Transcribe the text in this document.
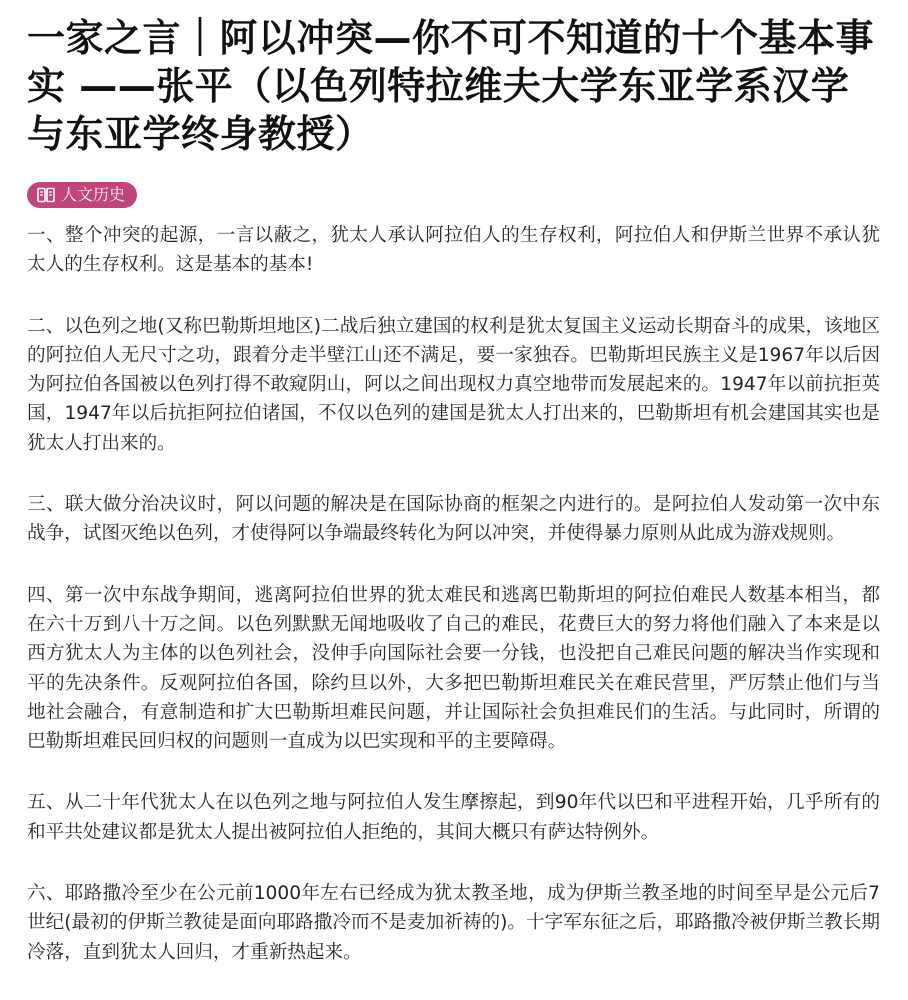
一家之言｜阿以冲突—你不可不知道的十个基本事实 ——张平（以色列特拉维夫大学东亚学系汉学与东亚学终身教授）
人文历史

一、整个冲突的起源，一言以蔽之，犹太人承认阿拉伯人的生存权利，阿拉伯人和伊斯兰世界不承认犹太人的生存权利。这是基本的基本!

二、以色列之地(又称巴勒斯坦地区)二战后独立建国的权利是犹太复国主义运动长期奋斗的成果，该地区的阿拉伯人无尺寸之功，跟着分走半壁江山还不满足，要一家独吞。巴勒斯坦民族主义是1967年以后因为阿拉伯各国被以色列打得不敢窥阴山，阿以之间出现权力真空地带而发展起来的。1947年以前抗拒英国，1947年以后抗拒阿拉伯诸国，不仅以色列的建国是犹太人打出来的，巴勒斯坦有机会建国其实也是犹太人打出来的。

三、联大做分治决议时，阿以问题的解决是在国际协商的框架之内进行的。是阿拉伯人发动第一次中东战争，试图灭绝以色列，才使得阿以争端最终转化为阿以冲突，并使得暴力原则从此成为游戏规则。

四、第一次中东战争期间，逃离阿拉伯世界的犹太难民和逃离巴勒斯坦的阿拉伯难民人数基本相当，都在六十万到八十万之间。以色列默默无闻地吸收了自己的难民，花费巨大的努力将他们融入了本来是以西方犹太人为主体的以色列社会，没伸手向国际社会要一分钱，也没把自己难民问题的解决当作实现和平的先决条件。反观阿拉伯各国，除约旦以外，大多把巴勒斯坦难民关在难民营里，严厉禁止他们与当地社会融合，有意制造和扩大巴勒斯坦难民问题，并让国际社会负担难民们的生活。与此同时，所谓的巴勒斯坦难民回归权的问题则一直成为以巴实现和平的主要障碍。

五、从二十年代犹太人在以色列之地与阿拉伯人发生摩擦起，到90年代以巴和平进程开始，几乎所有的和平共处建议都是犹太人提出被阿拉伯人拒绝的，其间大概只有萨达特例外。

六、耶路撒冷至少在公元前1000年左右已经成为犹太教圣地，成为伊斯兰教圣地的时间至早是公元后7世纪(最初的伊斯兰教徒是面向耶路撒冷而不是麦加祈祷的)。十字军东征之后，耶路撒冷被伊斯兰教长期冷落，直到犹太人回归，才重新热起来。
